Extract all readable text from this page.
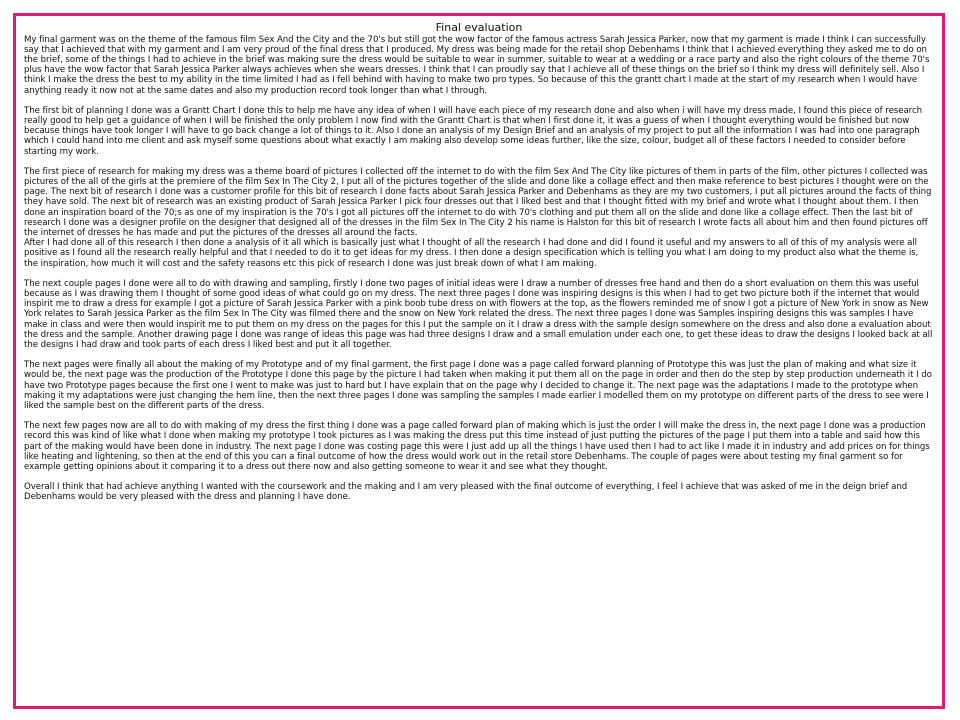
Final evaluation

My final garment was on the theme of the famous film Sex And the City and the 70's but still got the wow factor of the famous actress Sarah Jessica Parker, now that my garment is made I think I can successfully say that I achieved that with my garment and I am very proud of the final dress that I produced. My dress was being made for the retail shop Debenhams I think that I achieved everything they asked me to do on the brief, some of the things I had to achieve in the brief was making sure the dress would be suitable to wear in summer, suitable to wear at a wedding or a race party and also the right colours of the theme 70's plus have the wow factor that Sarah Jessica Parker always achieves when she wears dresses. I think that I can proudly say that I achieve all of these things on the brief so I think my dress will definitely sell. Also I think I make the dress the best to my ability in the time limited I had as I fell behind with having to make two pro types. So because of this the grantt chart I made at the start of my research when I would have anything ready it now not at the same dates and also my production record took longer than what I through.

The first bit of planning I done was a Grantt Chart I done this to help me have any idea of when I will have each piece of my research done and also when i will have my dress made, I found this piece of research really good to help get a guidance of when I will be finished the only problem I now find with the Grantt Chart is that when I first done it, it was a guess of when I thought everything would be finished but now because things have took longer I will have to go back change a lot of things to it. Also I done an analysis of my Design Brief and an analysis of my project to put all the information I was had into one paragraph which I could hand into me client and ask myself some questions about what exactly I am making also develop some ideas further, like the size, colour, budget all of these factors I needed to consider before starting my work.

The first piece of research for making my dress was a theme board of pictures I collected off the internet to do with the film Sex And The City like pictures of them in parts of the film, other pictures I collected was pictures of the all of the girls at the premiere of the film Sex In The City 2, I put all of the pictures together of the slide and done like a collage effect and then make reference to best pictures I thought were on the page. The next bit of research I done was a customer profile for this bit of research I done facts about Sarah Jessica Parker and Debenhams as they are my two customers, I put all pictures around the facts of thing they have sold. The next bit of research was an existing product of Sarah Jessica Parker I pick four dresses out that I liked best and that I thought fitted with my brief and wrote what I thought about them. I then done an inspiration board of the 70;s as one of my inspiration is the 70's I got all pictures off the internet to do with 70's clothing and put them all on the slide and done like a collage effect. Then the last bit of research I done was a designer profile on the designer that designed all of the dresses in the film Sex In The City 2 his name is Halston for this bit of research I wrote facts all about him and then found pictures off the internet of dresses he has made and put the pictures of the dresses all around the facts.

After I had done all of this research I then done a analysis of it all which is basically just what I thought of all the research I had done and did I found it useful and my answers to all of this of my analysis were all positive as I found all the research really helpful and that I needed to do it to get ideas for my dress. I then done a design specification which is telling you what I am doing to my product also what the theme is, the inspiration, how much it will cost and the safety reasons etc this pick of research I done was just break down of what I am making.

The next couple pages I done were all to do with drawing and sampling, firstly I done two pages of initial ideas were I draw a number of dresses free hand and then do a short evaluation on them this was useful because as I was drawing them I thought of some good ideas of what could go on my dress. The next three pages I done was inspiring designs is this when I had to get two picture both if the internet that would inspirit me to draw a dress for example I got a picture of Sarah Jessica Parker with a pink boob tube dress on with flowers at the top, as the flowers reminded me of snow I got a picture of New York in snow as New York relates to Sarah Jessica Parker as the film Sex In The City was filmed there and the snow on New York related the dress. The next three pages I done was Samples inspiring designs this was samples I have make in class and were then would inspirit me to put them on my dress on the pages for this I put the sample on it I draw a dress with the sample design somewhere on the dress and also done a evaluation about the dress and the sample. Another drawing page I done was range of ideas this page was had three designs I draw and a small emulation under each one, to get these ideas to draw the designs I looked back at all the designs I had draw and took parts of each dress I liked best and put it all together.

The next pages were finally all about the making of my Prototype and of my final garment, the first page I done was a page called forward planning of Prototype this was just the plan of making and what size it would be, the next page was the production of the Prototype I done this page by the picture I had taken when making it put them all on the page in order and then do the step by step production underneath it I do have two Prototype pages because the first one I went to make was just to hard but I have explain that on the page why I decided to change it. The next page was the adaptations I made to the prototype when making it my adaptations were just changing the hem line, then the next three pages I done was sampling the samples I made earlier I modelled them on my prototype on different parts of the dress to see were I liked the sample best on the different parts of the dress.

The next few pages now are all to do with making of my dress the first thing I done was a page called forward plan of making which is just the order I will make the dress in, the next page I done was a production record this was kind of like what I done when making my prototype I took pictures as I was making the dress put this time instead of just putting the pictures of the page I put them into a table and said how this part of the making would have been done in industry. The next page I done was costing page this were I just add up all the things I have used then I had to act like I made it in industry and add prices on for things like heating and lightening, so then at the end of this you can a final outcome of how the dress would work out in the retail store Debenhams. The couple of pages were about testing my final garment so for example getting opinions about it comparing it to a dress out there now and also getting someone to wear it and see what they thought.

Overall I think that had achieve anything I wanted with the coursework and the making and I am very pleased with the final outcome of everything, I feel I achieve that was asked of me in the deign brief and Debenhams would be very pleased with the dress and planning I have done.
